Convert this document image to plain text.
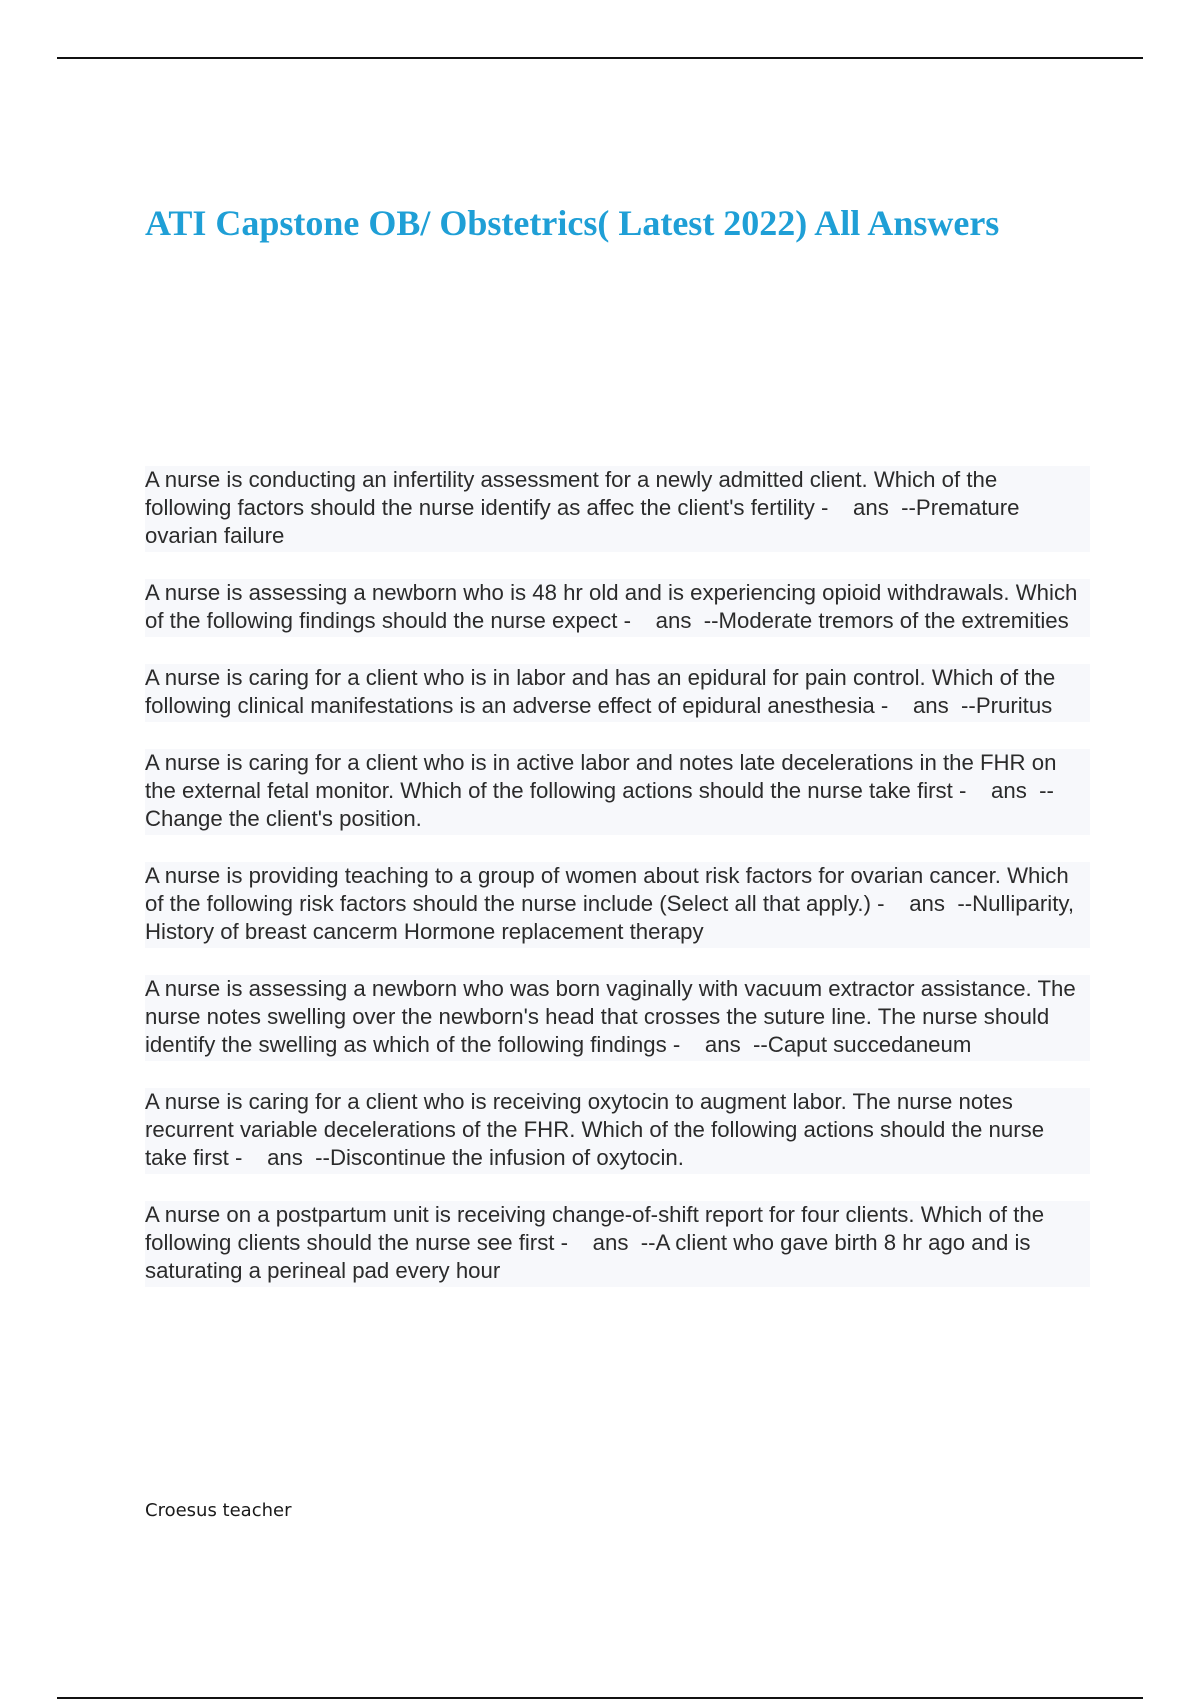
ATI Capstone OB/ Obstetrics( Latest 2022) All Answers

A nurse is conducting an infertility assessment for a newly admitted client. Which of the following factors should the nurse identify as affec the client's fertility -    ans  --Premature ovarian failure

A nurse is assessing a newborn who is 48 hr old and is experiencing opioid withdrawals. Which of the following findings should the nurse expect -    ans  --Moderate tremors of the extremities

A nurse is caring for a client who is in labor and has an epidural for pain control. Which of the following clinical manifestations is an adverse effect of epidural anesthesia -    ans  --Pruritus

A nurse is caring for a client who is in active labor and notes late decelerations in the FHR on the external fetal monitor. Which of the following actions should the nurse take first -    ans  --Change the client's position.

A nurse is providing teaching to a group of women about risk factors for ovarian cancer. Which of the following risk factors should the nurse include (Select all that apply.) -    ans  --Nulliparity, History of breast cancerm Hormone replacement therapy

A nurse is assessing a newborn who was born vaginally with vacuum extractor assistance. The nurse notes swelling over the newborn's head that crosses the suture line. The nurse should identify the swelling as which of the following findings -    ans  --Caput succedaneum

A nurse is caring for a client who is receiving oxytocin to augment labor. The nurse notes recurrent variable decelerations of the FHR. Which of the following actions should the nurse take first -    ans  --Discontinue the infusion of oxytocin.

A nurse on a postpartum unit is receiving change-of-shift report for four clients. Which of the following clients should the nurse see first -    ans  --A client who gave birth 8 hr ago and is saturating a perineal pad every hour

Croesus teacher
